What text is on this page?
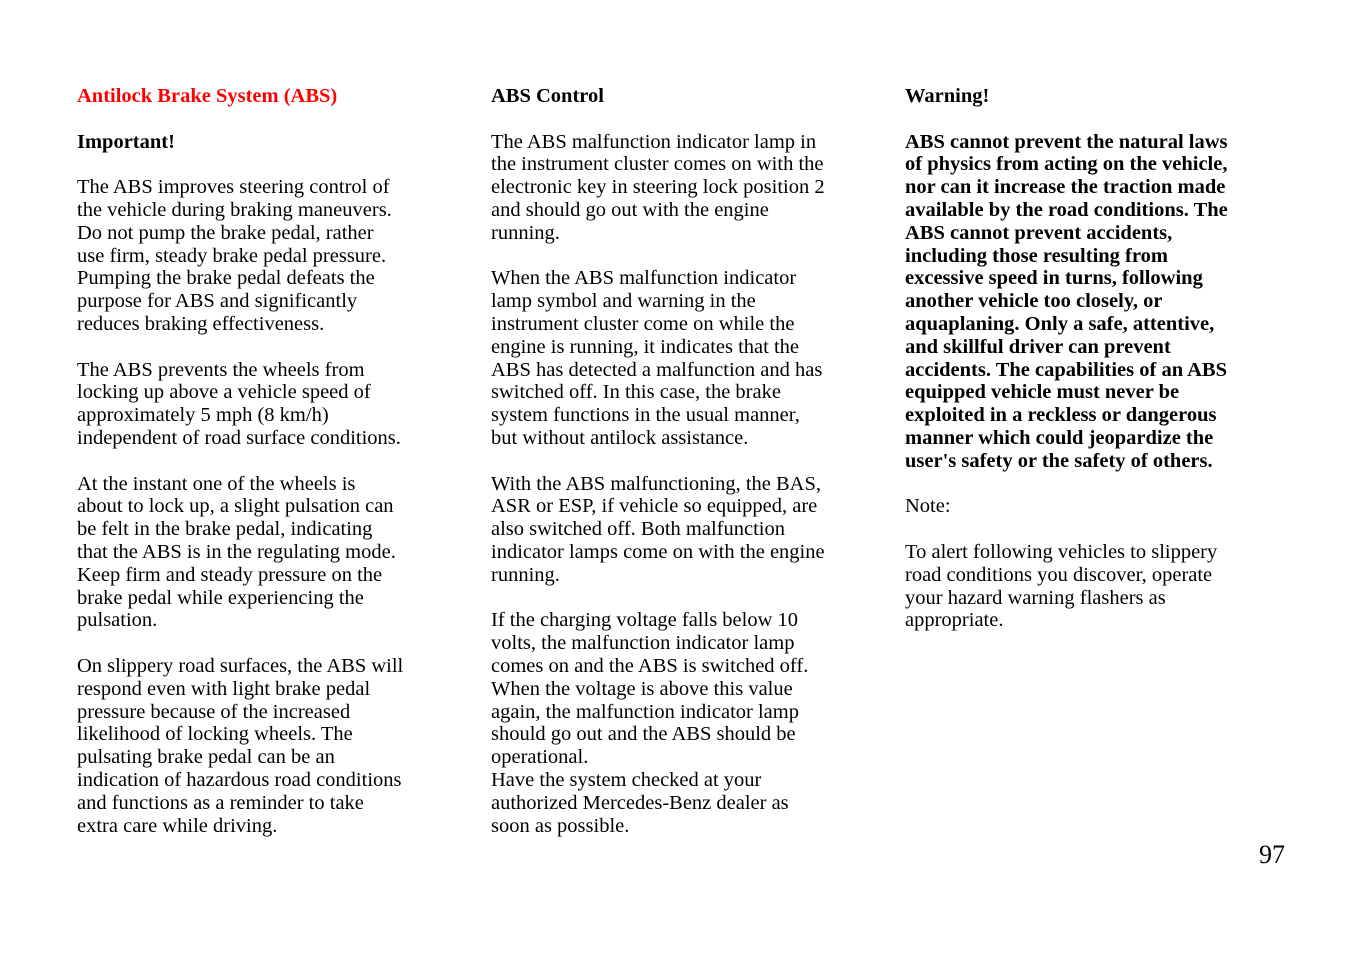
Antilock Brake System (ABS)

Important!

The ABS improves steering control of
the vehicle during braking maneuvers.
Do not pump the brake pedal, rather
use firm, steady brake pedal pressure.
Pumping the brake pedal defeats the
purpose for ABS and significantly
reduces braking effectiveness.

The ABS prevents the wheels from
locking up above a vehicle speed of
approximately 5 mph (8 km/h)
independent of road surface conditions.

At the instant one of the wheels is
about to lock up, a slight pulsation can
be felt in the brake pedal, indicating
that the ABS is in the regulating mode.
Keep firm and steady pressure on the
brake pedal while experiencing the
pulsation.

On slippery road surfaces, the ABS will
respond even with light brake pedal
pressure because of the increased
likelihood of locking wheels. The
pulsating brake pedal can be an
indication of hazardous road conditions
and functions as a reminder to take
extra care while driving.

ABS Control

The ABS malfunction indicator lamp in
the instrument cluster comes on with the
electronic key in steering lock position 2
and should go out with the engine
running.

When the ABS malfunction indicator
lamp symbol and warning in the
instrument cluster come on while the
engine is running, it indicates that the
ABS has detected a malfunction and has
switched off. In this case, the brake
system functions in the usual manner,
but without antilock assistance.

With the ABS malfunctioning, the BAS,
ASR or ESP, if vehicle so equipped, are
also switched off. Both malfunction
indicator lamps come on with the engine
running.

If the charging voltage falls below 10
volts, the malfunction indicator lamp
comes on and the ABS is switched off.
When the voltage is above this value
again, the malfunction indicator lamp
should go out and the ABS should be
operational.

Have the system checked at your
authorized Mercedes-Benz dealer as
soon as possible.

Warning!

ABS cannot prevent the natural laws
of physics from acting on the vehicle,
nor can it increase the traction made
available by the road conditions. The
ABS cannot prevent accidents,
including those resulting from
excessive speed in turns, following
another vehicle too closely, or
aquaplaning. Only a safe, attentive,
and skillful driver can prevent
accidents. The capabilities of an ABS
equipped vehicle must never be
exploited in a reckless or dangerous
manner which could jeopardize the
user's safety or the safety of others.

Note:

To alert following vehicles to slippery
road conditions you discover, operate
your hazard warning flashers as
appropriate.

97
